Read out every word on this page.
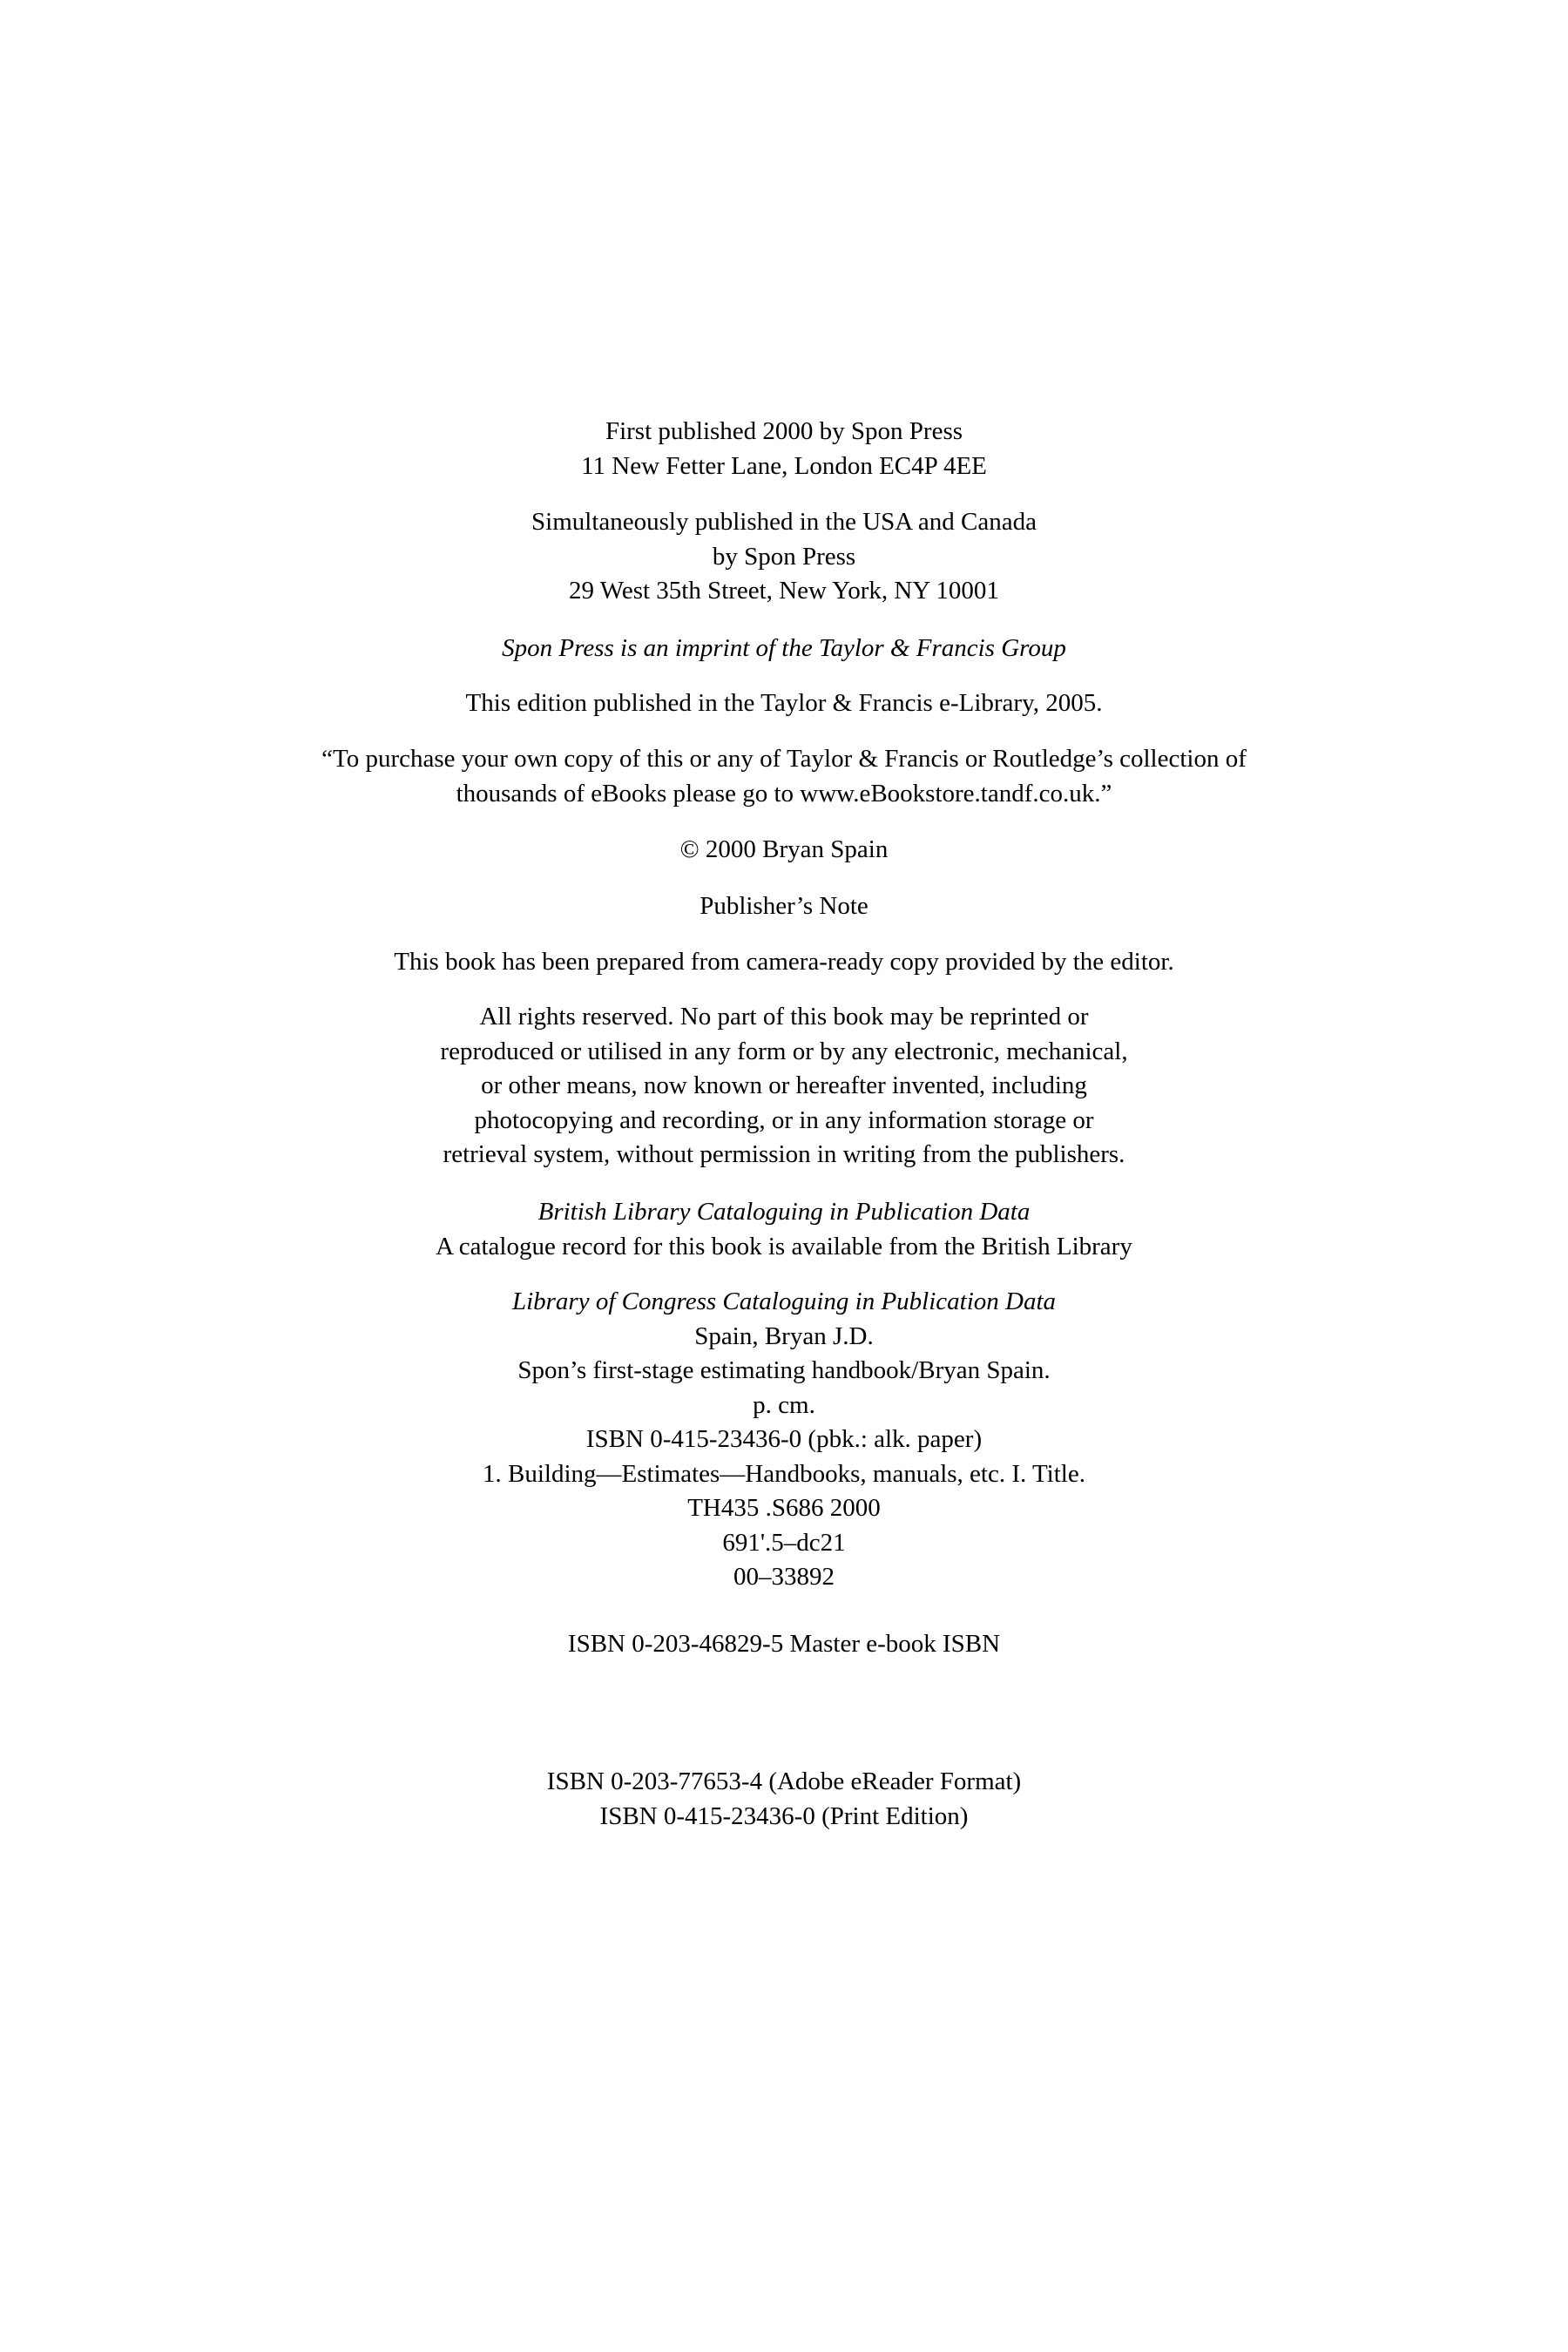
First published 2000 by Spon Press
11 New Fetter Lane, London EC4P 4EE
Simultaneously published in the USA and Canada
by Spon Press
29 West 35th Street, New York, NY 10001
Spon Press is an imprint of the Taylor & Francis Group
This edition published in the Taylor & Francis e-Library, 2005.
“To purchase your own copy of this or any of Taylor & Francis or Routledge’s collection of
thousands of eBooks please go to www.eBookstore.tandf.co.uk.”
© 2000 Bryan Spain
Publisher’s Note
This book has been prepared from camera-ready copy provided by the editor.
All rights reserved. No part of this book may be reprinted or
reproduced or utilised in any form or by any electronic, mechanical,
or other means, now known or hereafter invented, including
photocopying and recording, or in any information storage or
retrieval system, without permission in writing from the publishers.
British Library Cataloguing in Publication Data
A catalogue record for this book is available from the British Library
Library of Congress Cataloguing in Publication Data
Spain, Bryan J.D.
Spon’s first-stage estimating handbook/Bryan Spain.
p. cm.
ISBN 0-415-23436-0 (pbk.: alk. paper)
1. Building—Estimates—Handbooks, manuals, etc. I. Title.
TH435 .S686 2000
691'.5–dc21
00–33892
ISBN 0-203-46829-5 Master e-book ISBN
ISBN 0-203-77653-4 (Adobe eReader Format)
ISBN 0-415-23436-0 (Print Edition)
